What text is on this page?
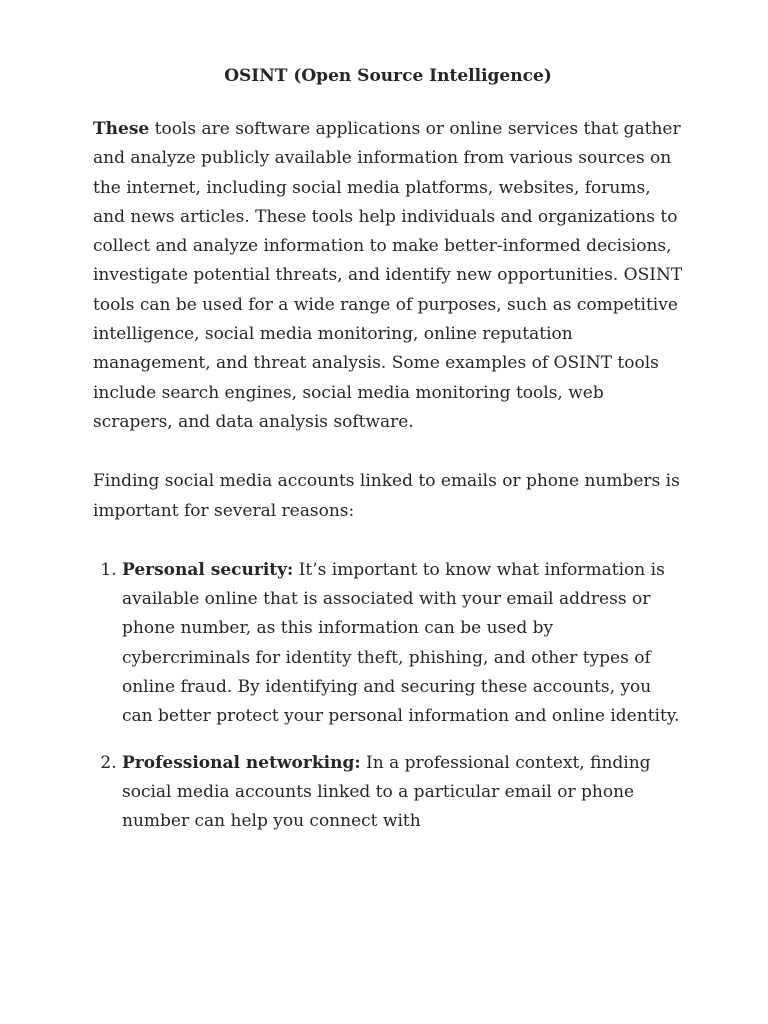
OSINT (Open Source Intelligence)

These tools are software applications or online services that gather and analyze publicly available information from various sources on the internet, including social media platforms, websites, forums, and news articles. These tools help individuals and organizations to collect and analyze information to make better-informed decisions, investigate potential threats, and identify new opportunities. OSINT tools can be used for a wide range of purposes, such as competitive intelligence, social media monitoring, online reputation management, and threat analysis. Some examples of OSINT tools include search engines, social media monitoring tools, web scrapers, and data analysis software.

Finding social media accounts linked to emails or phone numbers is important for several reasons:

1. Personal security: It’s important to know what information is available online that is associated with your email address or phone number, as this information can be used by cybercriminals for identity theft, phishing, and other types of online fraud. By identifying and securing these accounts, you can better protect your personal information and online identity.
2. Professional networking: In a professional context, finding social media accounts linked to a particular email or phone number can help you connect with
